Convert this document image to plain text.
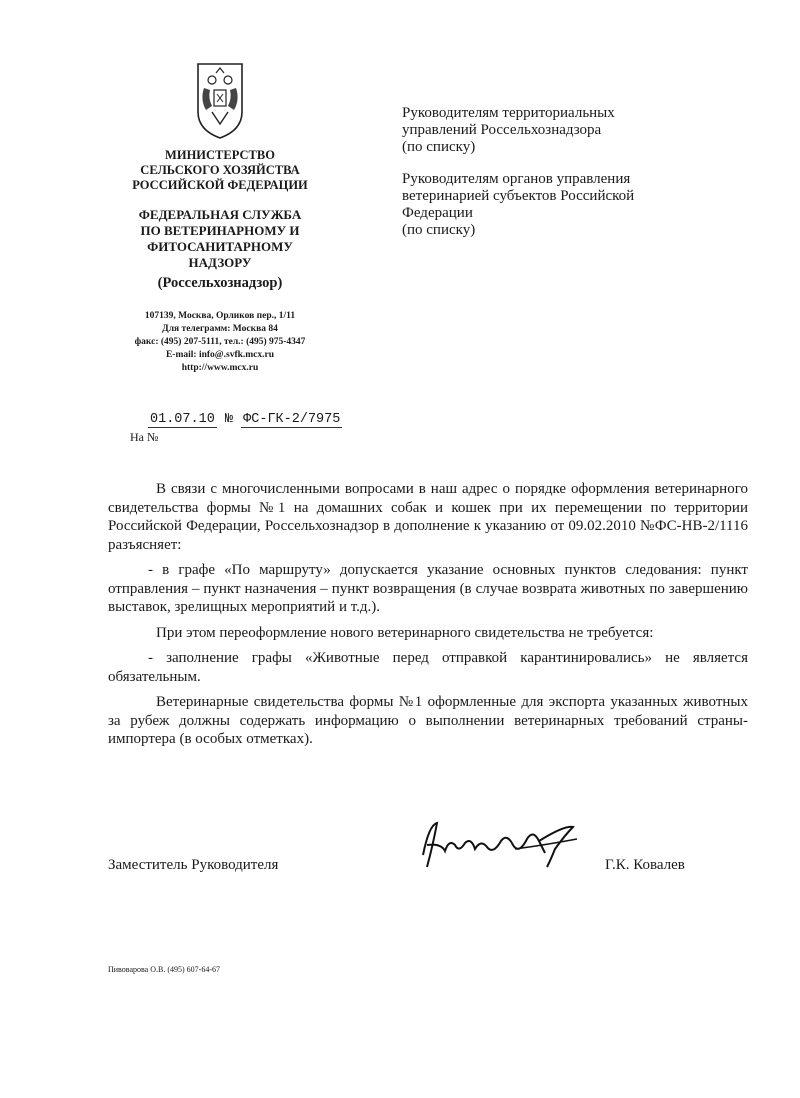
МИНИСТЕРСТВО
СЕЛЬСКОГО ХОЗЯЙСТВА
РОССИЙСКОЙ ФЕДЕРАЦИИ
ФЕДЕРАЛЬНАЯ СЛУЖБА
ПО ВЕТЕРИНАРНОМУ И
ФИТОСАНИТАРНОМУ
НАДЗОРУ
(Россельхознадзор)
107139, Москва, Орликов пер., 1/11
Для телеграмм: Москва 84
факс: (495) 207-5111, тел.: (495) 975-4347
E-mail: info@.svfk.mcx.ru
http://www.mcx.ru
01.07.10 № ФС-ГК-2/7975
На №

Руководителям территориальных
управлений Россельхознадзора
(по списку)

Руководителям органов управления
ветеринарией субъектов Российской
Федерации
(по списку)

В связи с многочисленными вопросами в наш адрес о порядке оформления ветеринарного свидетельства формы №1 на домашних собак и кошек при их перемещении по территории Российской Федерации, Россельхознадзор в дополнение к указанию от 09.02.2010 №ФС-НВ-2/1116 разъясняет:

- в графе «По маршруту» допускается указание основных пунктов следования: пункт отправления – пункт назначения – пункт возвращения (в случае возврата животных по завершению выставок, зрелищных мероприятий и т.д.).

При этом переоформление нового ветеринарного свидетельства не требуется:

- заполнение графы «Животные перед отправкой карантинировались» не является обязательным.

Ветеринарные свидетельства формы №1 оформленные для экспорта указанных животных за рубеж должны содержать информацию о выполнении ветеринарных требований страны-импортера (в особых отметках).

Заместитель Руководителя	Г.К. Ковалев
Пивоварова О.В. (495) 607-64-67
